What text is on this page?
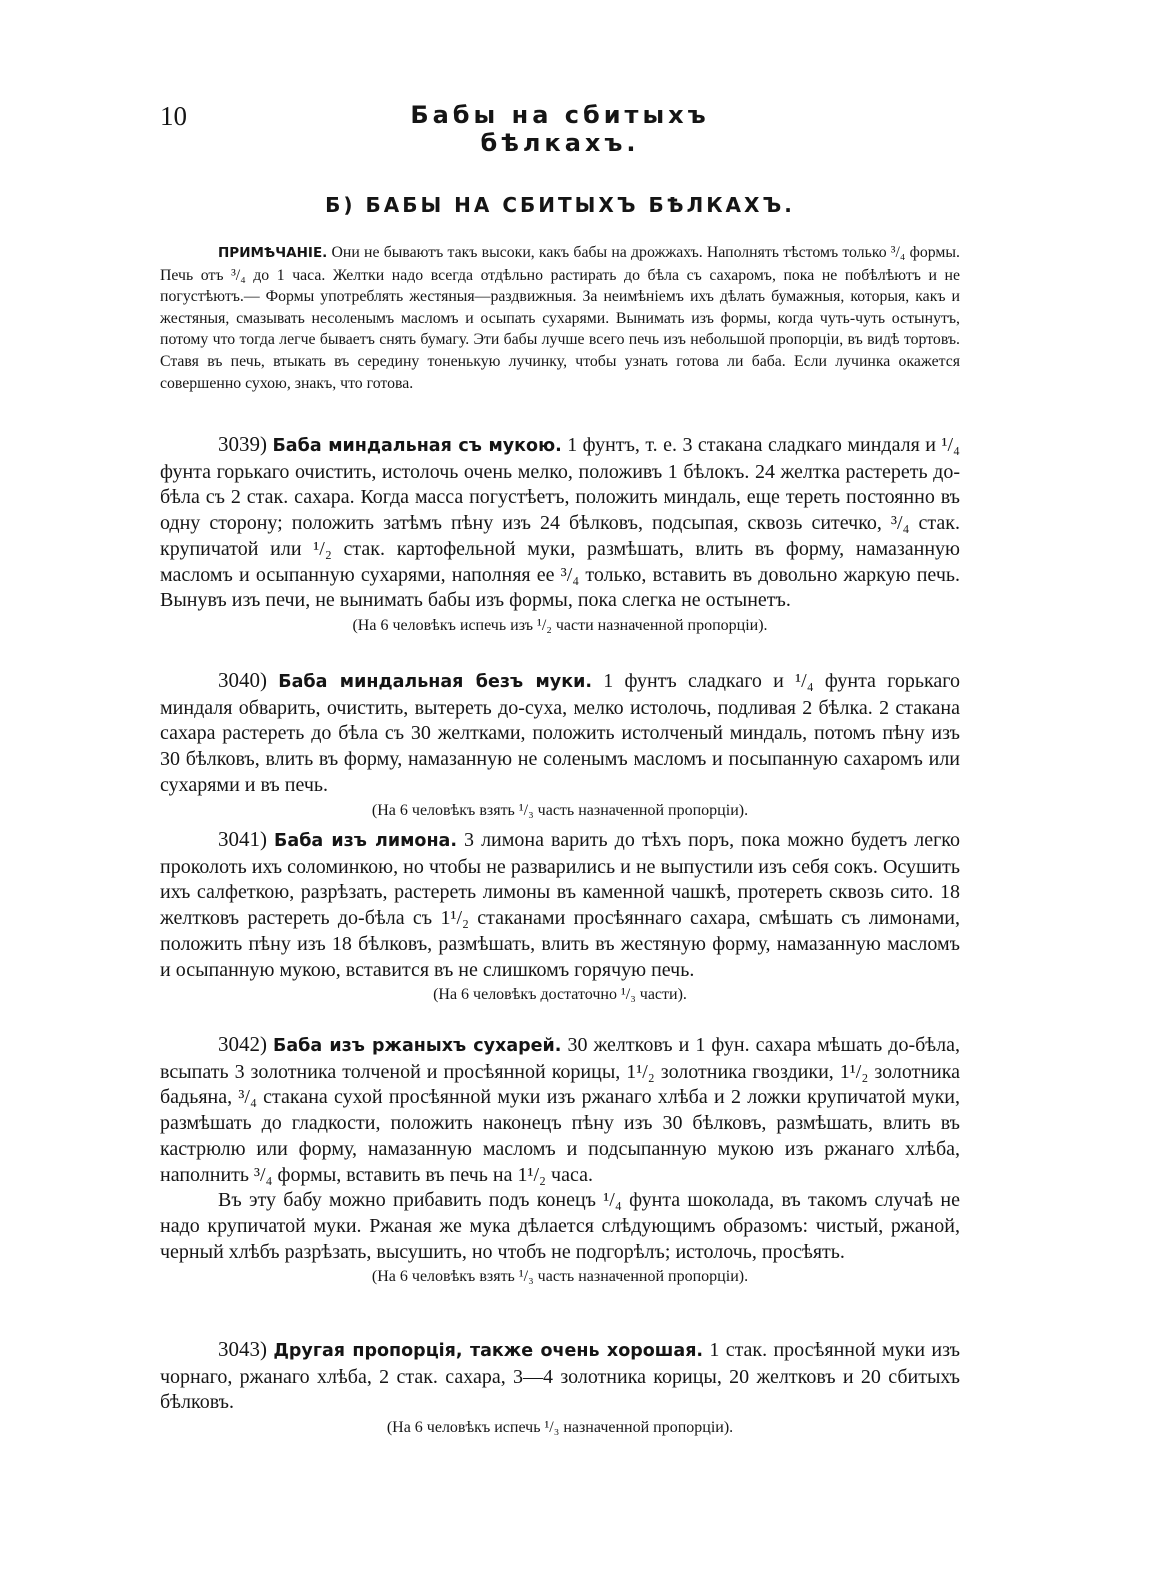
10	Бабы на сбитыхъ бѣлкахъ.
Б) БАБЫ НА СБИТЫХЪ БѢЛКАХЪ.
ПРИМѢЧАНІЕ. Они не бываютъ такъ высоки, какъ бабы на дрожжахъ. Наполнять тѣстомъ только ³/₄ формы. Печь отъ ³/₄ до 1 часа. Желтки надо всегда отдѣльно растирать до бѣла съ сахаромъ, пока не побѣлѣютъ и не погустѣютъ.— Формы употреблять жестяныя—раздвижныя. За неимѣніемъ ихъ дѣлать бумажныя, которыя, какъ и жестяныя, смазывать несоленымъ масломъ и осыпать сухарями. Вынимать изъ формы, когда чуть-чуть остынутъ, потому что тогда легче бываетъ снять бумагу. Эти бабы лучше всего печь изъ небольшой пропорціи, въ видѣ тортовъ. Ставя въ печь, втыкать въ середину тоненькую лучинку, чтобы узнать готова ли баба. Если лучинка окажется совершенно сухою, знакъ, что готова.

3039) Баба миндальная съ мукою. 1 фунтъ, т. е. 3 стакана сладкаго миндаля и ¹/₄ фунта горькаго очистить, истолочь очень мелко, положивъ 1 бѣлокъ. 24 желтка растереть до-бѣла съ 2 стак. сахара. Когда масса погустѣетъ, положить миндаль, еще тереть постоянно въ одну сторону; положить затѣмъ пѣну изъ 24 бѣлковъ, подсыпая, сквозь ситечко, ³/₄ стак. крупичатой или ¹/₂ стак. картофельной муки, размѣшать, влить въ форму, намазанную масломъ и осыпанную сухарями, наполняя ее ³/₄ только, вставить въ довольно жаркую печь. Вынувъ изъ печи, не вынимать бабы изъ формы, пока слегка не остынетъ.

(На 6 человѣкъ испечь изъ ¹/₂ части назначенной пропорціи).

3040) Баба миндальная безъ муки. 1 фунтъ сладкаго и ¹/₄ фунта горькаго миндаля обварить, очистить, вытереть до-суха, мелко истолочь, подливая 2 бѣлка. 2 стакана сахара растереть до бѣла съ 30 желтками, положить истолченый миндаль, потомъ пѣну изъ 30 бѣлковъ, влить въ форму, намазанную не соленымъ масломъ и посыпанную сахаромъ или сухарями и въ печь.

(На 6 человѣкъ взять ¹/₃ часть назначенной пропорціи).

3041) Баба изъ лимона. 3 лимона варить до тѣхъ поръ, пока можно будетъ легко проколоть ихъ соломинкою, но чтобы не разварились и не выпустили изъ себя сокъ. Осушить ихъ салфеткою, разрѣзать, растереть лимоны въ каменной чашкѣ, протереть сквозь сито. 18 желтковъ растереть до-бѣла съ 1¹/₂ стаканами просѣяннаго сахара, смѣшать съ лимонами, положить пѣну изъ 18 бѣлковъ, размѣшать, влить въ жестяную форму, намазанную масломъ и осыпанную мукою, вставится въ не слишкомъ горячую печь.

(На 6 человѣкъ достаточно ¹/₃ части).

3042) Баба изъ ржаныхъ сухарей. 30 желтковъ и 1 фун. сахара мѣшать до-бѣла, всыпать 3 золотника толченой и просѣянной корицы, 1¹/₂ золотника гвоздики, 1¹/₂ золотника бадьяна, ³/₄ стакана сухой просѣянной муки изъ ржанаго хлѣба и 2 ложки крупичатой муки, размѣшать до гладкости, положить наконецъ пѣну изъ 30 бѣлковъ, размѣшать, влить въ кастрюлю или форму, намазанную масломъ и подсыпанную мукою изъ ржанаго хлѣба, наполнить ³/₄ формы, вставить въ печь на 1¹/₂ часа.

Въ эту бабу можно прибавить подъ конецъ ¹/₄ фунта шоколада, въ такомъ случаѣ не надо крупичатой муки. Ржаная же мука дѣлается слѣдующимъ образомъ: чистый, ржаной, черный хлѣбъ разрѣзать, высушить, но чтобъ не подгорѣлъ; истолочь, просѣять.

(На 6 человѣкъ взять ¹/₃ часть назначенной пропорціи).

3043) Другая пропорція, также очень хорошая. 1 стак. просѣянной муки изъ чорнаго, ржанаго хлѣба, 2 стак. сахара, 3—4 золотника корицы, 20 желтковъ и 20 сбитыхъ бѣлковъ.

(На 6 человѣкъ испечь ¹/₃ назначенной пропорціи).
